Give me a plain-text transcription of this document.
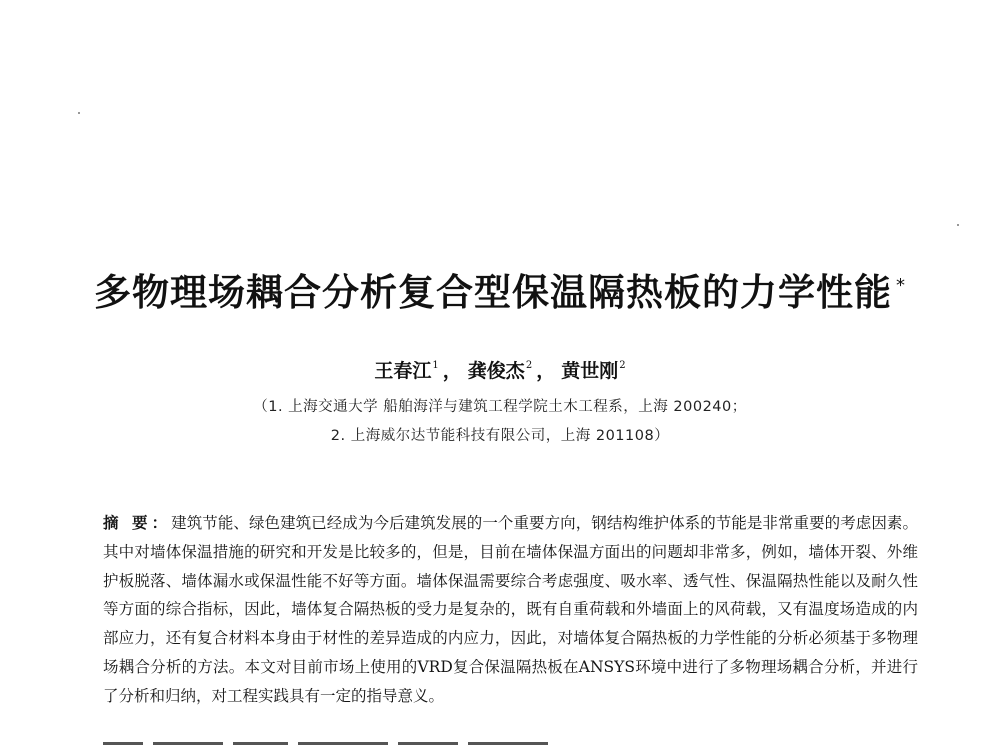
多物理场耦合分析复合型保温隔热板的力学性能 *
王春江$^1$ ， 龚俊杰$^2$ ， 黄世刚$^2$
（1. 上海交通大学 船舶海洋与建筑工程学院土木工程系，上海 200240；
2. 上海威尔达节能科技有限公司，上海 201108）

摘 要：建筑节能、绿色建筑已经成为今后建筑发展的一个重要方向，钢结构维护体系的节能是非常重要的考虑因素。其中对墙体保温措施的研究和开发是比较多的，但是，目前在墙体保温方面出的问题却非常多，例如，墙体开裂、外维护板脱落、墙体漏水或保温性能不好等方面。墙体保温需要综合考虑强度、吸水率、透气性、保温隔热性能以及耐久性等方面的综合指标，因此，墙体复合隔热板的受力是复杂的，既有自重荷载和外墙面上的风荷载，又有温度场造成的内部应力，还有复合材料本身由于材性的差异造成的内应力，因此，对墙体复合隔热板的力学性能的分析必须基于多物理场耦合分析的方法。本文对目前市场上使用的VRD复合保温隔热板在ANSYS环境中进行了多物理场耦合分析，并进行了分析和归纳，对工程实践具有一定的指导意义。
